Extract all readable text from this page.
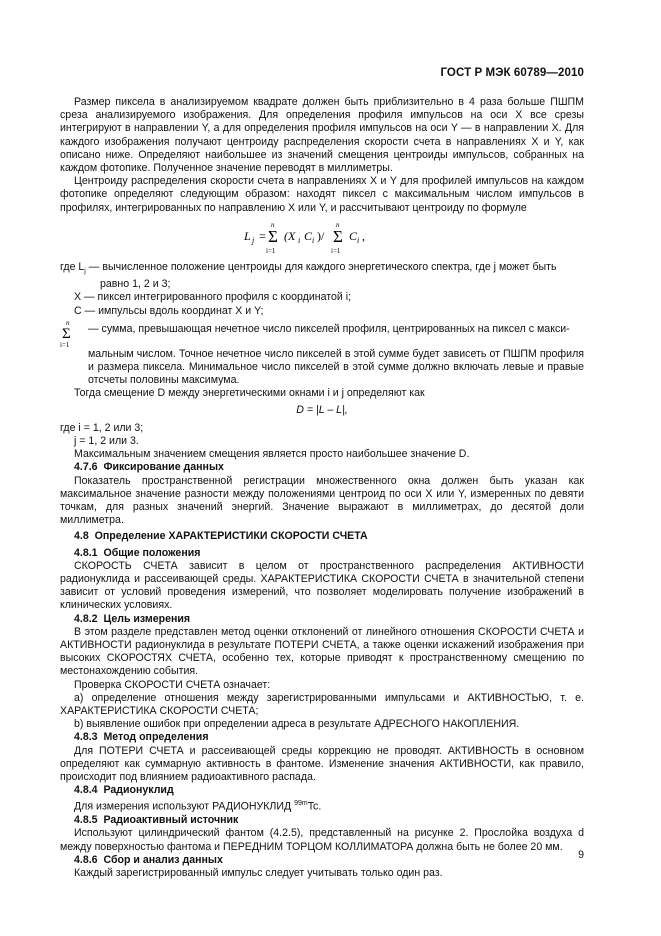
ГОСТ Р МЭК 60789—2010

Размер пиксела в анализируемом квадрате должен быть приблизительно в 4 раза больше ПШПМ среза анализируемого изображения. Для определения профиля импульсов на оси X все срезы интегрируют в направлении Y, а для определения профиля импульсов на оси Y — в направлении X. Для каждого изображения получают центроиду распределения скорости счета в направлениях X и Y, как описано ниже. Определяют наибольшее из значений смещения центроиды импульсов, собранных на каждом фотопике. Полученное значение переводят в миллиметры.

Центроиду распределения скорости счета в направлениях X и Y для профилей импульсов на каждом фотопике определяют следующим образом: находят пиксел с максимальным числом импульсов в профилях, интегрированных по направлению X или Y, и рассчитывают центроиду по формуле

L j =
n
Σ
i=1
(X i C i )/
n
Σ
i=1
C i ,

где $L_j$ — вычисленное положение центроиды для каждого энергетического спектра, где j может быть равно 1, 2 и 3;

X — пиксел интегрированного профиля с координатой i;

C — импульсы вдоль координат X и Y;

n
Σ
i=1
— сумма, превышающая нечетное число пикселей профиля, центрированных на пиксел с макси-

мальным числом. Точное нечетное число пикселей в этой сумме будет зависеть от ПШПМ профиля и размера пиксела. Минимальное число пикселей в этой сумме должно включать левые и правые отсчеты половины максимума.

Тогда смещение D между энергетическими окнами i и j определяют как

D = |L – L|,

где i = 1, 2 или 3;

j = 1, 2 или 3.

Максимальным значением смещения является просто наибольшее значение D.

4.7.6 Фиксирование данных

Показатель пространственной регистрации множественного окна должен быть указан как максимальное значение разности между положениями центроид по оси X или Y, измеренных по девяти точкам, для разных значений энергий. Значение выражают в миллиметрах, до десятой доли миллиметра.

4.8 Определение ХАРАКТЕРИСТИКИ СКОРОСТИ СЧЕТА

4.8.1 Общие положения

СКОРОСТЬ СЧЕТА зависит в целом от пространственного распределения АКТИВНОСТИ радионуклида и рассеивающей среды. ХАРАКТЕРИСТИКА СКОРОСТИ СЧЕТА в значительной степени зависит от условий проведения измерений, что позволяет моделировать получение изображений в клинических условиях.

4.8.2 Цель измерения

В этом разделе представлен метод оценки отклонений от линейного отношения СКОРОСТИ СЧЕТА и АКТИВНОСТИ радионуклида в результате ПОТЕРИ СЧЕТА, а также оценки искажений изображения при высоких СКОРОСТЯХ СЧЕТА, особенно тех, которые приводят к пространственному смещению по местонахождению события.

Проверка СКОРОСТИ СЧЕТА означает:

а) определение отношения между зарегистрированными импульсами и АКТИВНОСТЬЮ, т. е. ХАРАКТЕРИСТИКА СКОРОСТИ СЧЕТА;

b) выявление ошибок при определении адреса в результате АДРЕСНОГО НАКОПЛЕНИЯ.

4.8.3 Метод определения

Для ПОТЕРИ СЧЕТА и рассеивающей среды коррекцию не проводят. АКТИВНОСТЬ в основном определяют как суммарную активность в фантоме. Изменение значения АКТИВНОСТИ, как правило, происходит под влиянием радиоактивного распада.

4.8.4 Радионуклид

Для измерения используют РАДИОНУКЛИД $^{99m}$Tc.

4.8.5 Радиоактивный источник

Используют цилиндрический фантом (4.2.5), представленный на рисунке 2. Прослойка воздуха d между поверхностью фантома и ПЕРЕДНИМ ТОРЦОМ КОЛЛИМАТОРА должна быть не более 20 мм.

4.8.6 Сбор и анализ данных

Каждый зарегистрированный импульс следует учитывать только один раз.

9
